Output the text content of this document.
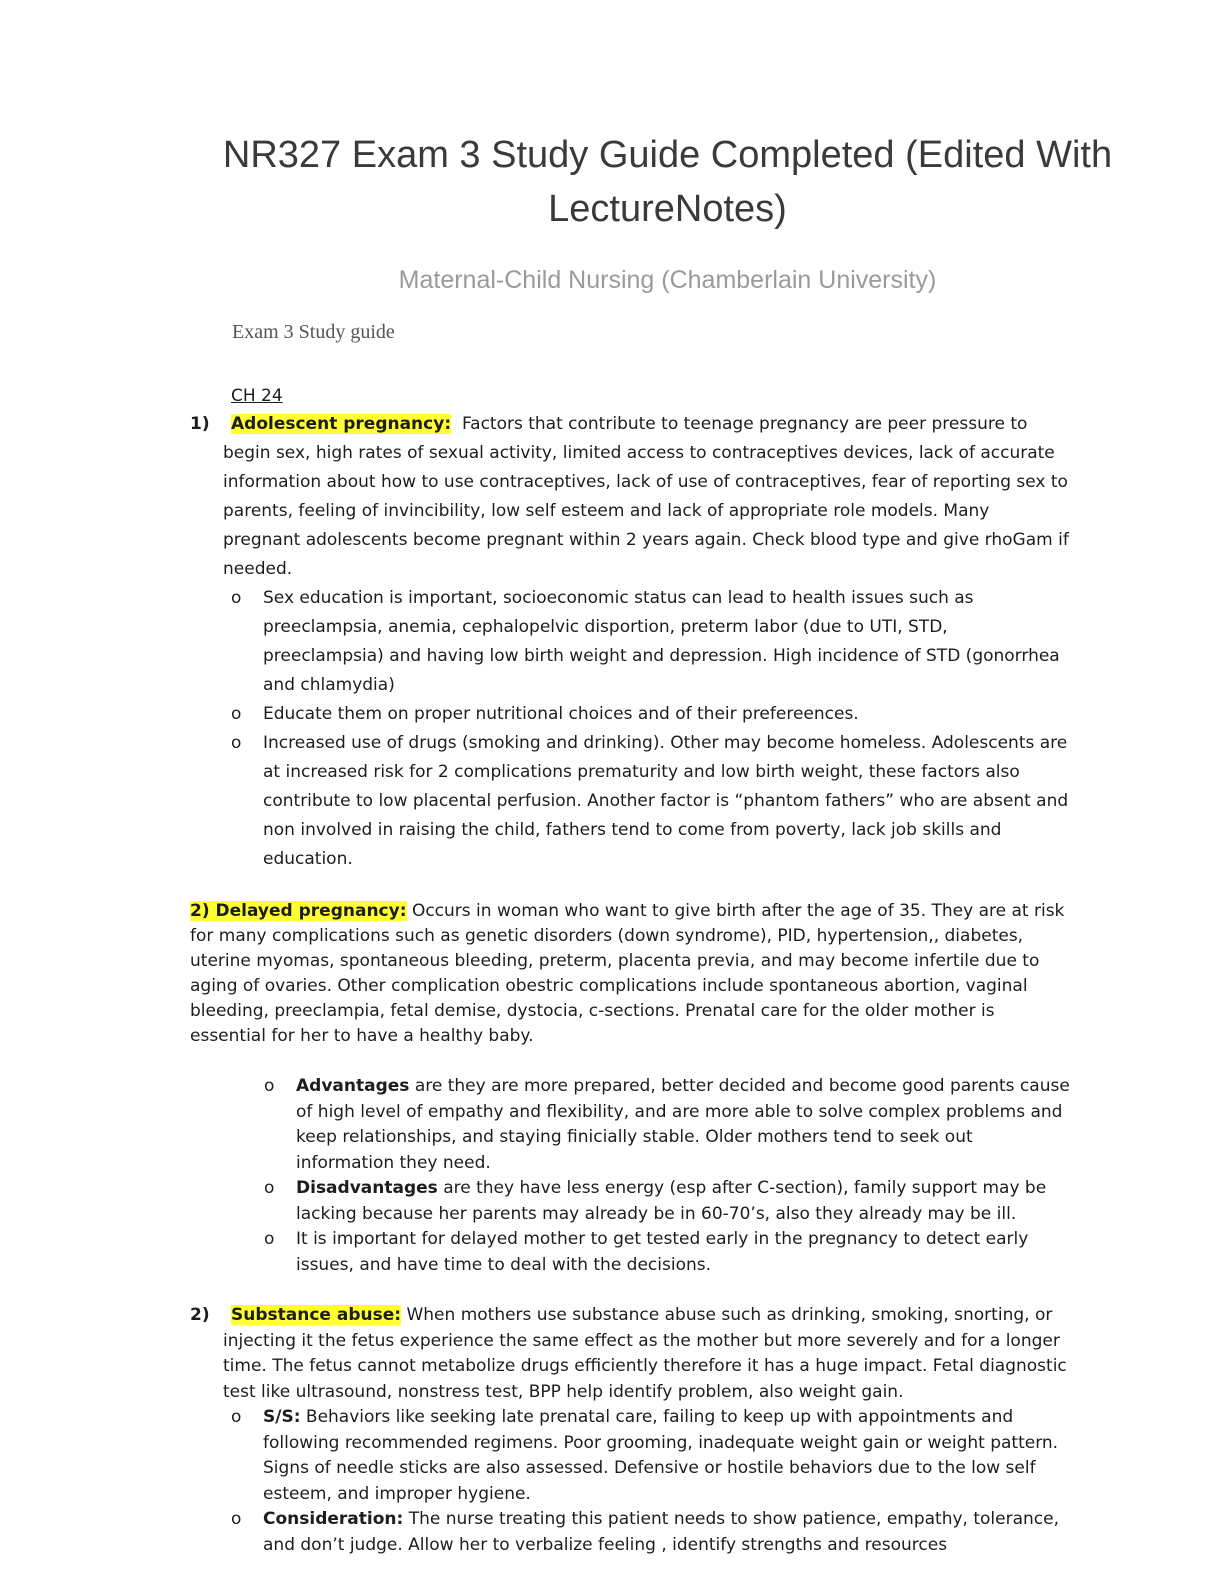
NR327 Exam 3 Study Guide Completed (Edited With LectureNotes)
Maternal-Child Nursing (Chamberlain University)
Exam 3 Study guide
CH 24
1) Adolescent pregnancy: Factors that contribute to teenage pregnancy are peer pressure to begin sex, high rates of sexual activity, limited access to contraceptives devices, lack of accurate information about how to use contraceptives, lack of use of contraceptives, fear of reporting sex to parents, feeling of invincibility, low self esteem and lack of appropriate role models. Many pregnant adolescents become pregnant within 2 years again. Check blood type and give rhoGam if needed.
o Sex education is important, socioeconomic status can lead to health issues such as preeclampsia, anemia, cephalopelvic disportion, preterm labor (due to UTI, STD, preeclampsia) and having low birth weight and depression. High incidence of STD (gonorrhea and chlamydia)
o Educate them on proper nutritional choices and of their prefereences.
o Increased use of drugs (smoking and drinking). Other may become homeless. Adolescents are at increased risk for 2 complications prematurity and low birth weight, these factors also contribute to low placental perfusion. Another factor is “phantom fathers” who are absent and non involved in raising the child, fathers tend to come from poverty, lack job skills and education.
2) Delayed pregnancy: Occurs in woman who want to give birth after the age of 35. They are at risk for many complications such as genetic disorders (down syndrome), PID, hypertension,, diabetes, uterine myomas, spontaneous bleeding, preterm, placenta previa, and may become infertile due to aging of ovaries. Other complication obestric complications include spontaneous abortion, vaginal bleeding, preeclampia, fetal demise, dystocia, c-sections. Prenatal care for the older mother is essential for her to have a healthy baby.
o Advantages are they are more prepared, better decided and become good parents cause of high level of empathy and flexibility, and are more able to solve complex problems and keep relationships, and staying finicially stable. Older mothers tend to seek out information they need.
o Disadvantages are they have less energy (esp after C-section), family support may be lacking because her parents may already be in 60-70’s, also they already may be ill.
o It is important for delayed mother to get tested early in the pregnancy to detect early issues, and have time to deal with the decisions.
2) Substance abuse: When mothers use substance abuse such as drinking, smoking, snorting, or injecting it the fetus experience the same effect as the mother but more severely and for a longer time. The fetus cannot metabolize drugs efficiently therefore it has a huge impact. Fetal diagnostic test like ultrasound, nonstress test, BPP help identify problem, also weight gain.
o S/S: Behaviors like seeking late prenatal care, failing to keep up with appointments and following recommended regimens. Poor grooming, inadequate weight gain or weight pattern. Signs of needle sticks are also assessed. Defensive or hostile behaviors due to the low self esteem, and improper hygiene.
o Consideration: The nurse treating this patient needs to show patience, empathy, tolerance, and don’t judge. Allow her to verbalize feeling , identify strengths and resources
